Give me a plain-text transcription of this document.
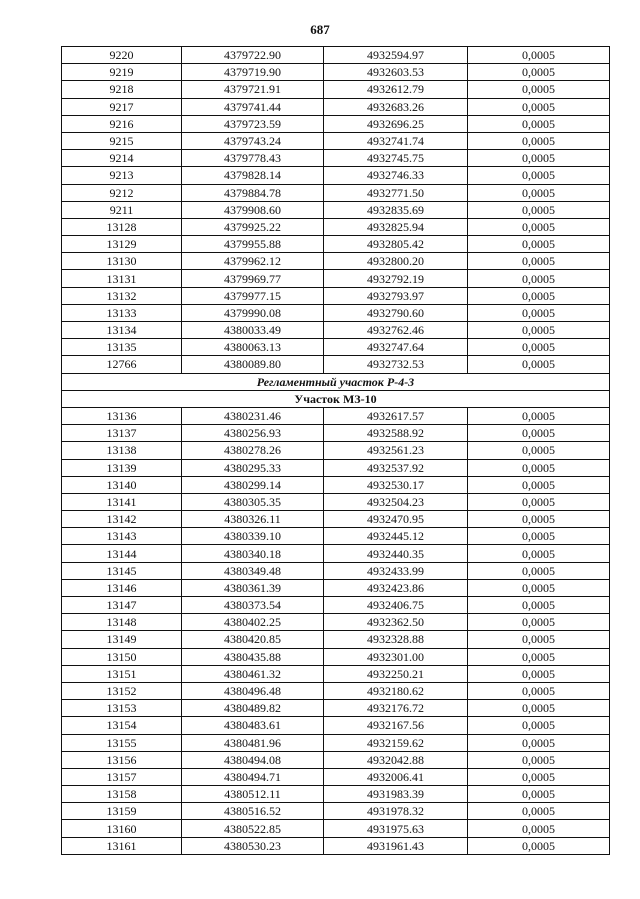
687
9220	4379722.90	4932594.97	0,0005
9219	4379719.90	4932603.53	0,0005
9218	4379721.91	4932612.79	0,0005
9217	4379741.44	4932683.26	0,0005
9216	4379723.59	4932696.25	0,0005
9215	4379743.24	4932741.74	0,0005
9214	4379778.43	4932745.75	0,0005
9213	4379828.14	4932746.33	0,0005
9212	4379884.78	4932771.50	0,0005
9211	4379908.60	4932835.69	0,0005
13128	4379925.22	4932825.94	0,0005
13129	4379955.88	4932805.42	0,0005
13130	4379962.12	4932800.20	0,0005
13131	4379969.77	4932792.19	0,0005
13132	4379977.15	4932793.97	0,0005
13133	4379990.08	4932790.60	0,0005
13134	4380033.49	4932762.46	0,0005
13135	4380063.13	4932747.64	0,0005
12766	4380089.80	4932732.53	0,0005
Регламентный участок Р-4-3			
Участок МЗ-10			
13136	4380231.46	4932617.57	0,0005
13137	4380256.93	4932588.92	0,0005
13138	4380278.26	4932561.23	0,0005
13139	4380295.33	4932537.92	0,0005
13140	4380299.14	4932530.17	0,0005
13141	4380305.35	4932504.23	0,0005
13142	4380326.11	4932470.95	0,0005
13143	4380339.10	4932445.12	0,0005
13144	4380340.18	4932440.35	0,0005
13145	4380349.48	4932433.99	0,0005
13146	4380361.39	4932423.86	0,0005
13147	4380373.54	4932406.75	0,0005
13148	4380402.25	4932362.50	0,0005
13149	4380420.85	4932328.88	0,0005
13150	4380435.88	4932301.00	0,0005
13151	4380461.32	4932250.21	0,0005
13152	4380496.48	4932180.62	0,0005
13153	4380489.82	4932176.72	0,0005
13154	4380483.61	4932167.56	0,0005
13155	4380481.96	4932159.62	0,0005
13156	4380494.08	4932042.88	0,0005
13157	4380494.71	4932006.41	0,0005
13158	4380512.11	4931983.39	0,0005
13159	4380516.52	4931978.32	0,0005
13160	4380522.85	4931975.63	0,0005
13161	4380530.23	4931961.43	0,0005
